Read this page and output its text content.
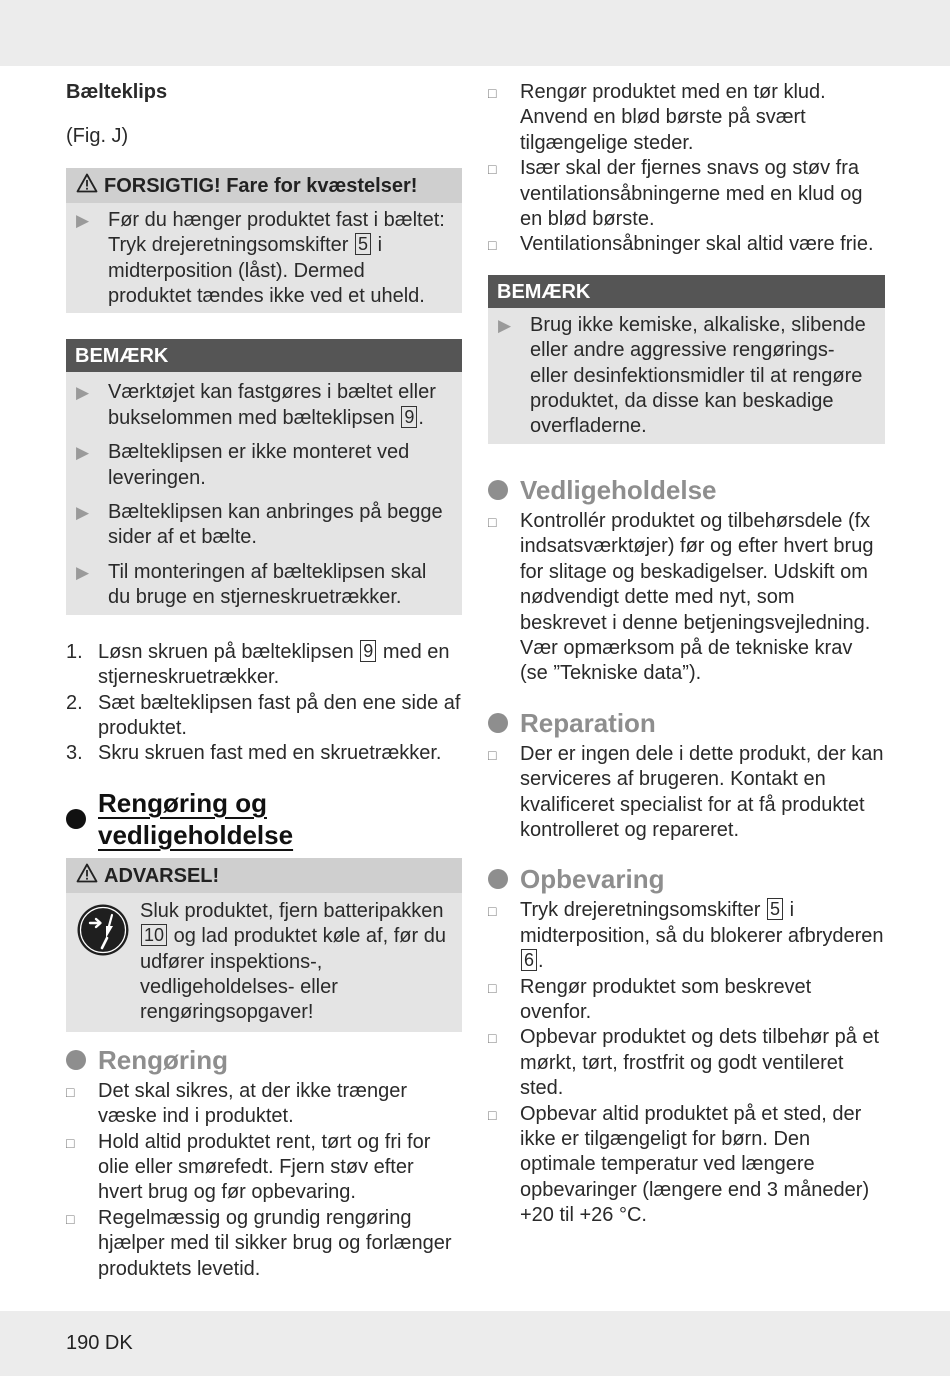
Bælteklips
(Fig. J)
FORSIGTIG! Fare for kvæstelser!
▶ Før du hænger produktet fast i bæltet: Tryk drejeretningsomskifter 5 i midterposition (låst). Dermed produktet tændes ikke ved et uheld.
BEMÆRK
▶ Værktøjet kan fastgøres i bæltet eller bukselommen med bælteklipsen 9 .
▶ Bælteklipsen er ikke monteret ved leveringen.
▶ Bælteklipsen kan anbringes på begge sider af et bælte.
▶ Til monteringen af bælteklipsen skal du bruge en stjerneskruetrækker.
1. Løsn skruen på bælteklipsen 9 med en stjerneskruetrækker.
2. Sæt bælteklipsen fast på den ene side af produktet.
3. Skru skruen fast med en skruetrækker.
Rengøring og vedligeholdelse
ADVARSEL!
Sluk produktet, fjern batteripakken 10 og lad produktet køle af, før du udfører inspektions-, vedligeholdelses- eller rengøringsopgaver!
Rengøring
□	Det skal sikres, at der ikke trænger væske ind i produktet.
□	Hold altid produktet rent, tørt og fri for olie eller smørefedt. Fjern støv efter hvert brug og før opbevaring.
□	Regelmæssig og grundig rengøring hjælper med til sikker brug og forlænger produktets levetid.
□	Rengør produktet med en tør klud. Anvend en blød børste på svært tilgængelige steder.
□	Især skal der fjernes snavs og støv fra ventilationsåbningerne med en klud og en blød børste.
□	Ventilationsåbninger skal altid være frie.
BEMÆRK
▶ Brug ikke kemiske, alkaliske, slibende eller andre aggressive rengørings- eller desinfektionsmidler til at rengøre produktet, da disse kan beskadige overfladerne.
Vedligeholdelse
□	Kontrollér produktet og tilbehørsdele (fx indsatsværktøjer) før og efter hvert brug for slitage og beskadigelser. Udskift om nødvendigt dette med nyt, som beskrevet i denne betjeningsvejledning. Vær opmærksom på de tekniske krav (se ”Tekniske data”).
Reparation
□	Der er ingen dele i dette produkt, der kan serviceres af brugeren. Kontakt en kvalificeret specialist for at få produktet kontrolleret og repareret.
Opbevaring
□	Tryk drejeretningsomskifter 5 i midterposition, så du blokerer afbryderen 6 .
□	Rengør produktet som beskrevet ovenfor.
□	Opbevar produktet og dets tilbehør på et mørkt, tørt, frostfrit og godt ventileret sted.
□	Opbevar altid produktet på et sted, der ikke er tilgængeligt for børn. Den optimale temperatur ved længere opbevaringer (længere end 3 måneder) +20 til +26 °C.
190 DK
